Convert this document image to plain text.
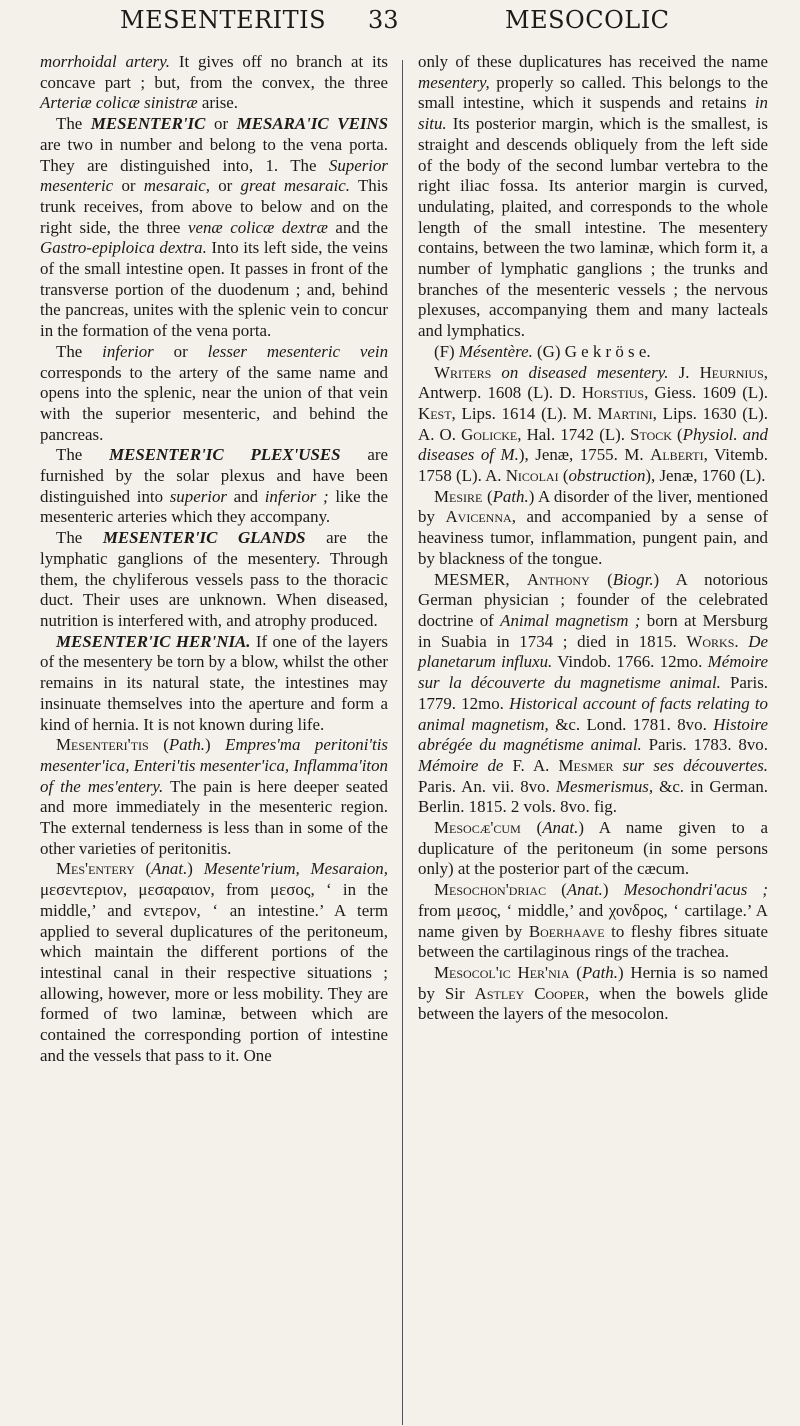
MESENTERITIS 33	MESOCOLIC

morrhoidal artery. It gives off no branch at its concave part ; but, from the convex, the three Arteriæ colicæ sinistræ arise.

The MESENTER'IC or MESARA'IC VEINS are two in number and belong to the vena porta. They are distinguished into, 1. The Superior mesenteric or mesaraic, or great mesaraic. This trunk receives, from above to below and on the right side, the three venæ colicæ dextræ and the Gastro-epiploica dextra. Into its left side, the veins of the small intestine open. It passes in front of the transverse portion of the duodenum ; and, behind the pancreas, unites with the splenic vein to concur in the formation of the vena porta.

The inferior or lesser mesenteric vein corresponds to the artery of the same name and opens into the splenic, near the union of that vein with the superior mesenteric, and behind the pancreas.

The MESENTER'IC PLEX'USES are furnished by the solar plexus and have been distinguished into superior and inferior ; like the mesenteric arteries which they accompany.

The MESENTER'IC GLANDS are the lymphatic ganglions of the mesentery. Through them, the chyliferous vessels pass to the thoracic duct. Their uses are unknown. When diseased, nutrition is interfered with, and atrophy produced.

MESENTER'IC HER'NIA. If one of the layers of the mesentery be torn by a blow, whilst the other remains in its natural state, the intestines may insinuate themselves into the aperture and form a kind of hernia. It is not known during life.

Mesenteri'tis (Path.) Empres'ma peritoni'tis mesenter'ica, Enteri'tis mesenter'ica, Inflamma'iton of the mes'entery. The pain is here deeper seated and more immediately in the mesenteric region. The external tenderness is less than in some of the other varieties of peritonitis.

Mes'entery (Anat.) Mesente'rium, Mesaraion, μεσεντεριον, μεσαραιον, from μεσος, ‘ in the middle,’ and εντερον, ‘ an intestine.’ A term applied to several duplicatures of the peritoneum, which maintain the different portions of the intestinal canal in their respective situations ; allowing, however, more or less mobility. They are formed of two laminæ, between which are contained the corresponding portion of intestine and the vessels that pass to it. One

only of these duplicatures has received the name mesentery, properly so called. This belongs to the small intestine, which it suspends and retains in situ. Its posterior margin, which is the smallest, is straight and descends obliquely from the left side of the body of the second lumbar vertebra to the right iliac fossa. Its anterior margin is curved, undulating, plaited, and corresponds to the whole length of the small intestine. The mesentery contains, between the two laminæ, which form it, a number of lymphatic ganglions ; the trunks and branches of the mesenteric vessels ; the nervous plexuses, accompanying them and many lacteals and lymphatics.

(F) Mésentère. (G) G e k r ö s e.

Writers on diseased mesentery. J. Heurnius, Antwerp. 1608 (L). D. Horstius, Giess. 1609 (L). Kest, Lips. 1614 (L). M. Martini, Lips. 1630 (L). A. O. Golicke, Hal. 1742 (L). Stock (Physiol. and diseases of M.), Jenæ, 1755. M. Alberti, Vitemb. 1758 (L). A. Nicolai (obstruction), Jenæ, 1760 (L).

Mesire (Path.) A disorder of the liver, mentioned by Avicenna, and accompanied by a sense of heaviness tumor, inflammation, pungent pain, and by blackness of the tongue.

MESMER, Anthony (Biogr.) A notorious German physician ; founder of the celebrated doctrine of Animal magnetism ; born at Mersburg in Suabia in 1734 ; died in 1815. Works. De planetarum influxu. Vindob. 1766. 12mo. Mémoire sur la découverte du magnetisme animal. Paris. 1779. 12mo. Historical account of facts relating to animal magnetism, &c. Lond. 1781. 8vo. Histoire abrégée du magnétisme animal. Paris. 1783. 8vo. Mémoire de F. A. Mesmer sur ses découvertes. Paris. An. vii. 8vo. Mesmerismus, &c. in German. Berlin. 1815. 2 vols. 8vo. fig.

Mesocæ'cum (Anat.) A name given to a duplicature of the peritoneum (in some persons only) at the posterior part of the cæcum.

Mesochon'driac (Anat.) Mesochondri'acus ; from μεσος, ‘ middle,’ and χονδρος, ‘ cartilage.’ A name given by Boerhaave to fleshy fibres situate between the cartilaginous rings of the trachea.

Mesocol'ic Her'nia (Path.) Hernia is so named by Sir Astley Cooper, when the bowels glide between the layers of the mesocolon.
